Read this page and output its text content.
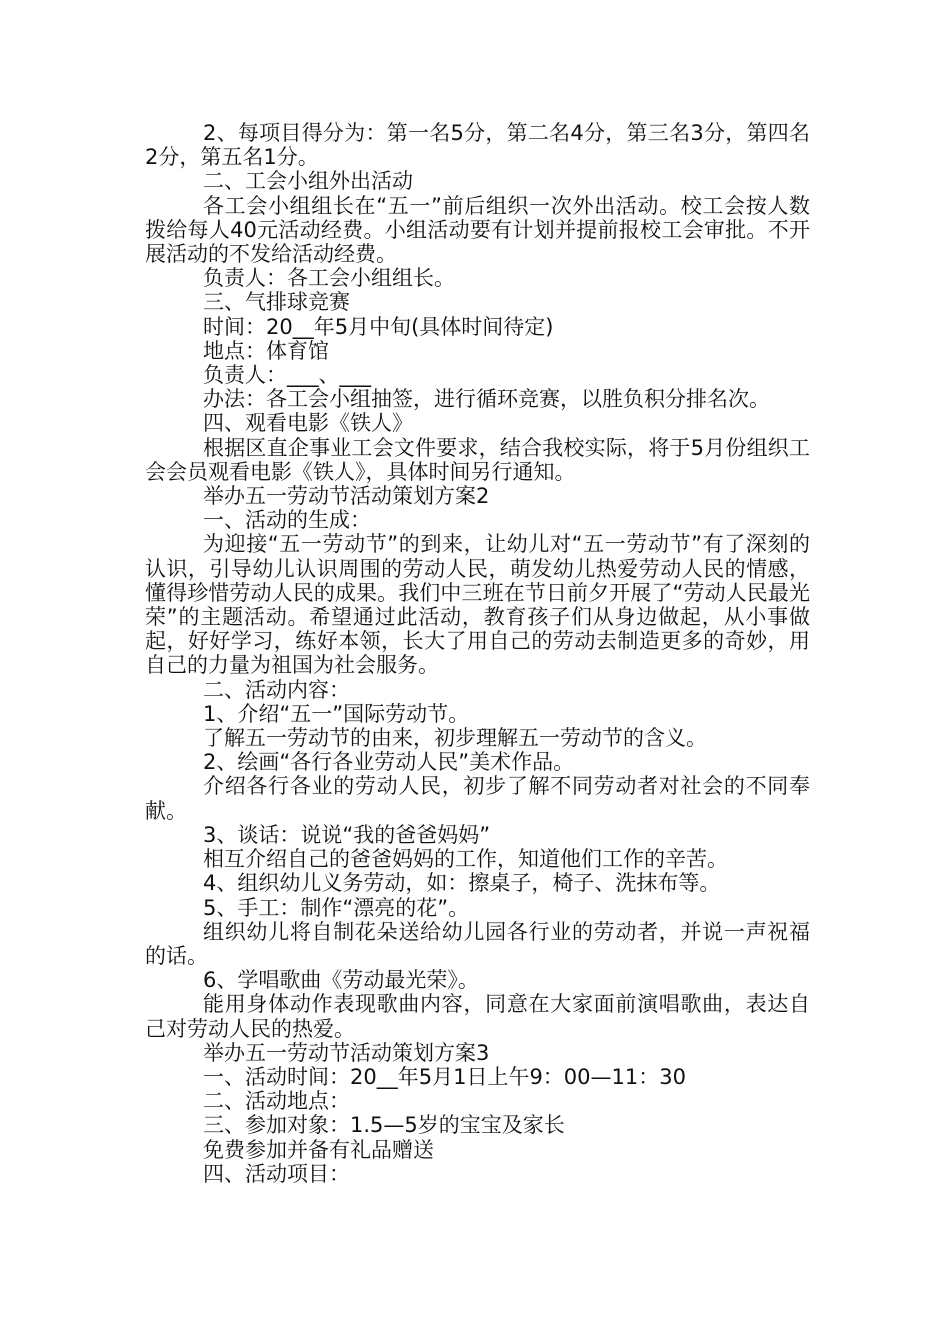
2、每项目得分为：第一名5分，第二名4分，第三名3分，第四名2分，第五名1分。

二、工会小组外出活动

各工会小组组长在“五一”前后组织一次外出活动。校工会按人数拨给每人40元活动经费。小组活动要有计划并提前报校工会审批。不开展活动的不发给活动经费。

负责人：各工会小组组长。

三、气排球竞赛

时间：20__年5月中旬(具体时间待定)

地点：体育馆

负责人：___、___

办法：各工会小组抽签，进行循环竞赛，以胜负积分排名次。

四、观看电影《铁人》

根据区直企事业工会文件要求，结合我校实际，将于5月份组织工会会员观看电影《铁人》，具体时间另行通知。

举办五一劳动节活动策划方案2

一、活动的生成：

为迎接“五一劳动节”的到来，让幼儿对“五一劳动节”有了深刻的认识，引导幼儿认识周围的劳动人民，萌发幼儿热爱劳动人民的情感，懂得珍惜劳动人民的成果。我们中三班在节日前夕开展了“劳动人民最光荣”的主题活动。希望通过此活动，教育孩子们从身边做起，从小事做起，好好学习，练好本领，长大了用自己的劳动去制造更多的奇妙，用自己的力量为祖国为社会服务。

二、活动内容：

1、介绍“五一”国际劳动节。

了解五一劳动节的由来，初步理解五一劳动节的含义。

2、绘画“各行各业劳动人民”美术作品。

介绍各行各业的劳动人民，初步了解不同劳动者对社会的不同奉献。

3、谈话：说说“我的爸爸妈妈”

相互介绍自己的爸爸妈妈的工作，知道他们工作的辛苦。

4、组织幼儿义务劳动，如：擦桌子，椅子、洗抹布等。

5、手工：制作“漂亮的花”。

组织幼儿将自制花朵送给幼儿园各行业的劳动者，并说一声祝福的话。

6、学唱歌曲《劳动最光荣》。

能用身体动作表现歌曲内容，同意在大家面前演唱歌曲，表达自己对劳动人民的热爱。

举办五一劳动节活动策划方案3

一、活动时间：20__年5月1日上午9：00—11：30

二、活动地点：

三、参加对象：1.5—5岁的宝宝及家长

免费参加并备有礼品赠送

四、活动项目：
